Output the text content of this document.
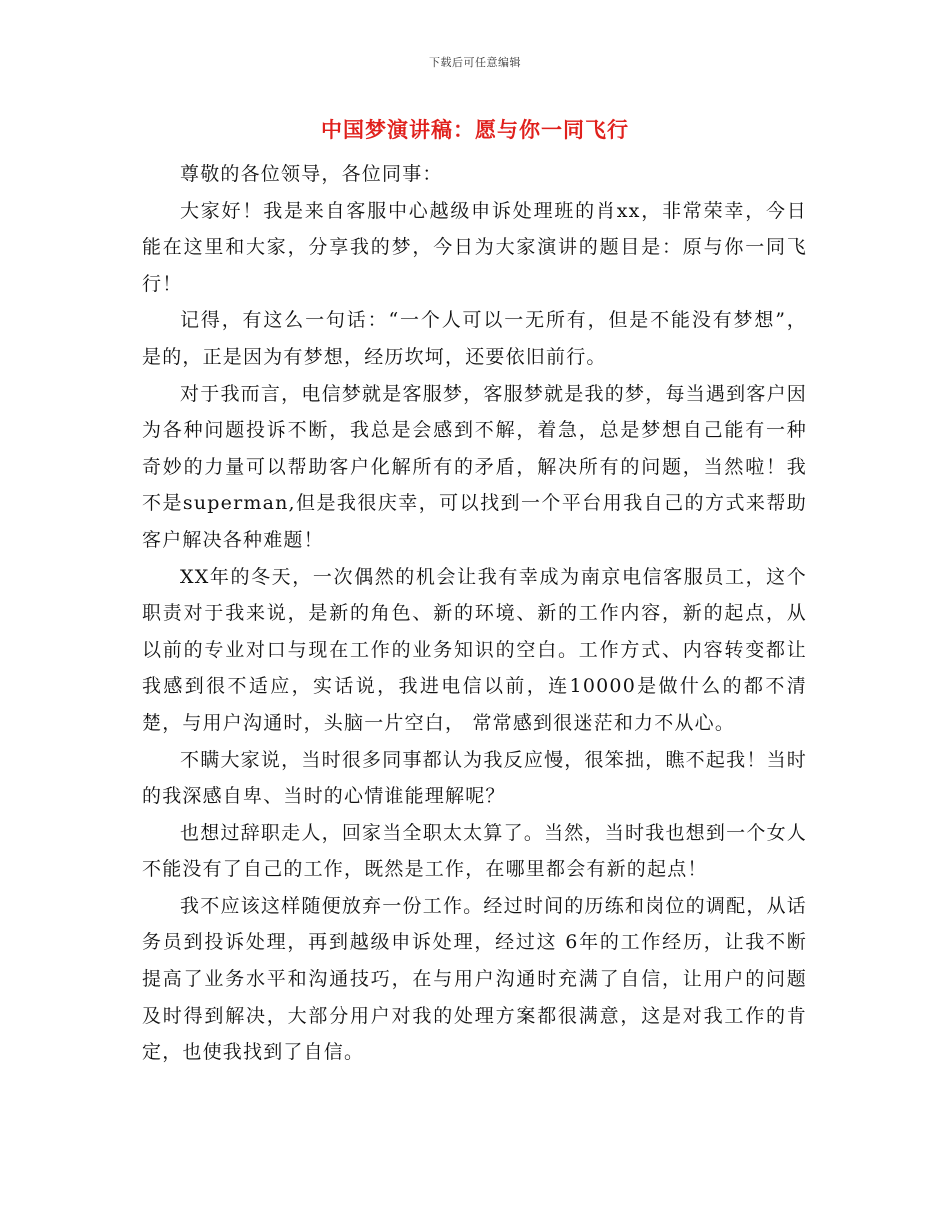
下载后可任意编辑
中国梦演讲稿：愿与你一同飞行

尊敬的各位领导，各位同事：

大家好！我是来自客服中心越级申诉处理班的肖xx，非常荣幸，今日能在这里和大家，分享我的梦，今日为大家演讲的题目是：原与你一同飞行！

记得，有这么一句话：“一个人可以一无所有，但是不能没有梦想”，是的，正是因为有梦想，经历坎坷，还要依旧前行。

对于我而言，电信梦就是客服梦，客服梦就是我的梦，每当遇到客户因为各种问题投诉不断，我总是会感到不解，着急，总是梦想自己能有一种奇妙的力量可以帮助客户化解所有的矛盾，解决所有的问题，当然啦！我不是superman,但是我很庆幸，可以找到一个平台用我自己的方式来帮助客户解决各种难题！

XX年的冬天，一次偶然的机会让我有幸成为南京电信客服员工，这个职责对于我来说，是新的角色、新的环境、新的工作内容，新的起点，从以前的专业对口与现在工作的业务知识的空白。工作方式、内容转变都让我感到很不适应，实话说，我进电信以前，连10000是做什么的都不清楚，与用户沟通时，头脑一片空白， 常常感到很迷茫和力不从心。

不瞒大家说，当时很多同事都认为我反应慢，很笨拙，瞧不起我！当时的我深感自卑、当时的心情谁能理解呢？

也想过辞职走人，回家当全职太太算了。当然，当时我也想到一个女人不能没有了自己的工作，既然是工作，在哪里都会有新的起点！

我不应该这样随便放弃一份工作。经过时间的历练和岗位的调配，从话务员到投诉处理，再到越级申诉处理，经过这 6年的工作经历，让我不断提高了业务水平和沟通技巧，在与用户沟通时充满了自信，让用户的问题及时得到解决，大部分用户对我的处理方案都很满意，这是对我工作的肯定，也使我找到了自信。
